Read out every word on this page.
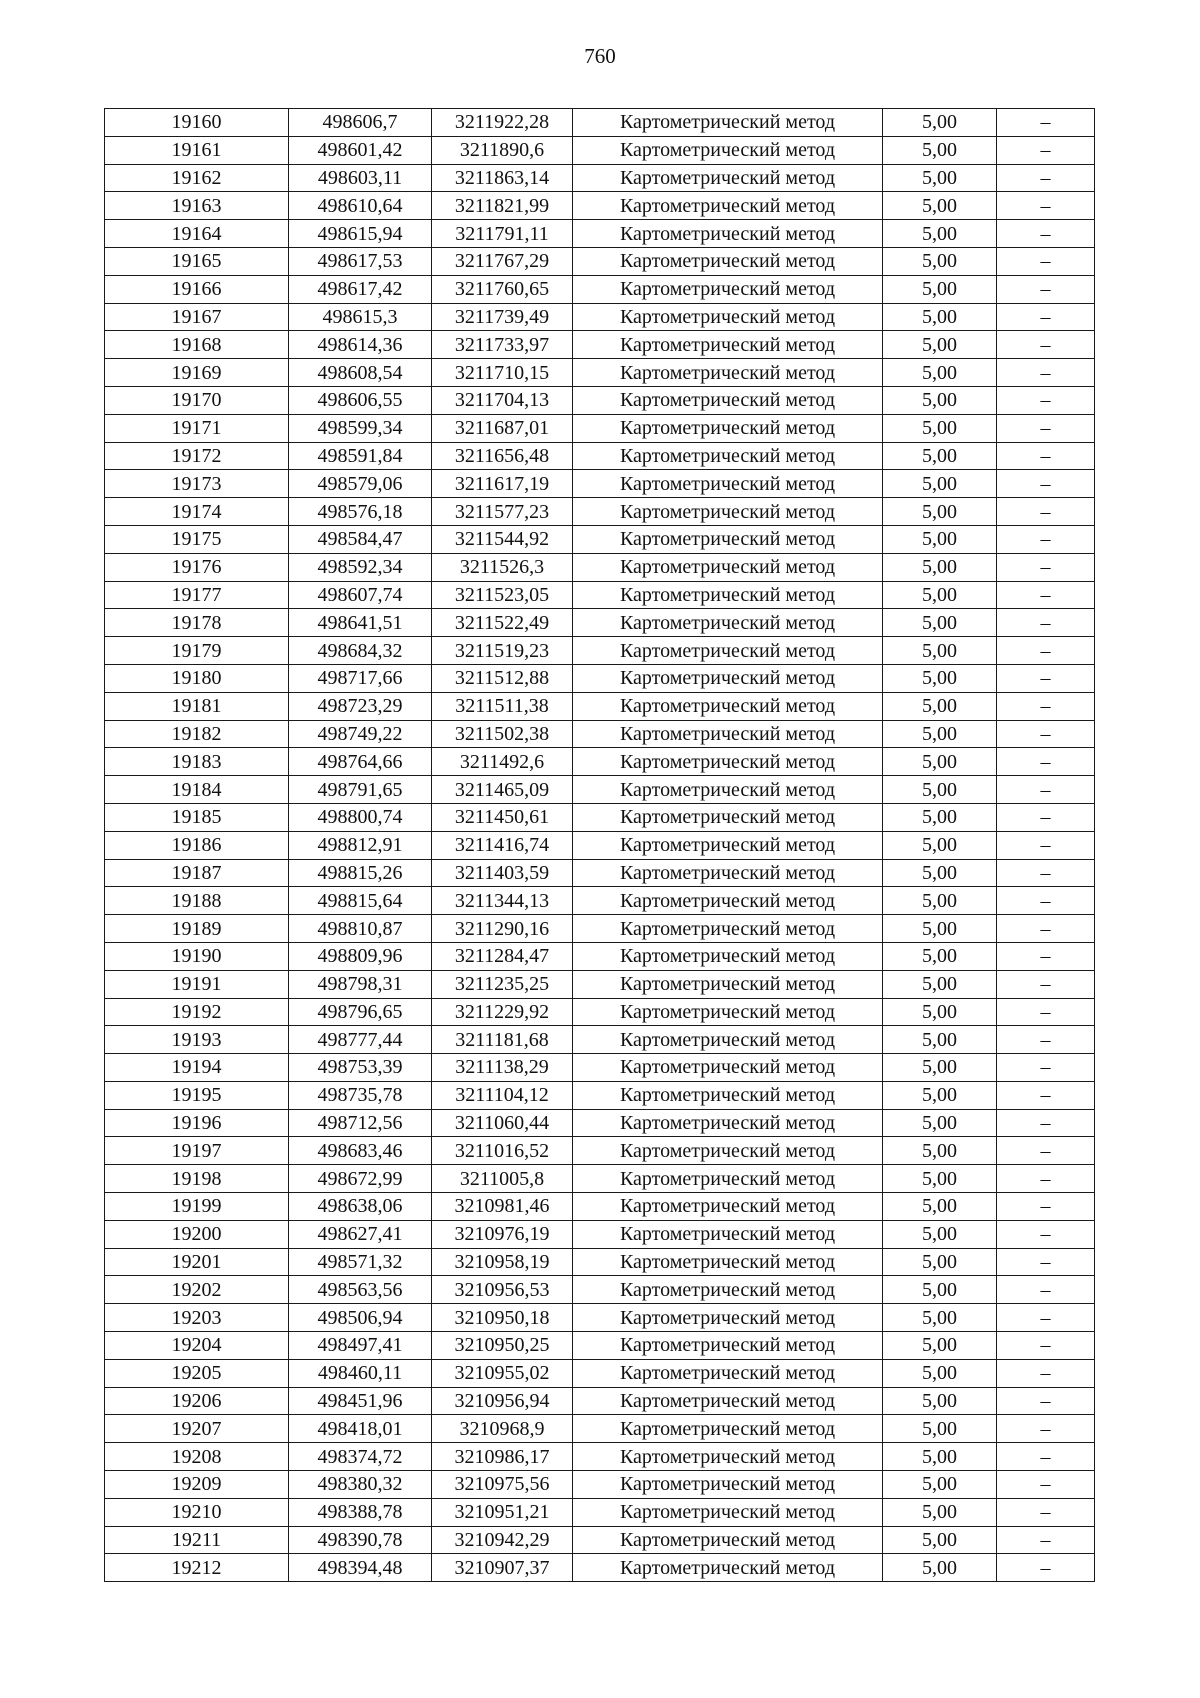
760
19160	498606,7	3211922,28	Картометрический метод	5,00	–
19161	498601,42	3211890,6	Картометрический метод	5,00	–
19162	498603,11	3211863,14	Картометрический метод	5,00	–
19163	498610,64	3211821,99	Картометрический метод	5,00	–
19164	498615,94	3211791,11	Картометрический метод	5,00	–
19165	498617,53	3211767,29	Картометрический метод	5,00	–
19166	498617,42	3211760,65	Картометрический метод	5,00	–
19167	498615,3	3211739,49	Картометрический метод	5,00	–
19168	498614,36	3211733,97	Картометрический метод	5,00	–
19169	498608,54	3211710,15	Картометрический метод	5,00	–
19170	498606,55	3211704,13	Картометрический метод	5,00	–
19171	498599,34	3211687,01	Картометрический метод	5,00	–
19172	498591,84	3211656,48	Картометрический метод	5,00	–
19173	498579,06	3211617,19	Картометрический метод	5,00	–
19174	498576,18	3211577,23	Картометрический метод	5,00	–
19175	498584,47	3211544,92	Картометрический метод	5,00	–
19176	498592,34	3211526,3	Картометрический метод	5,00	–
19177	498607,74	3211523,05	Картометрический метод	5,00	–
19178	498641,51	3211522,49	Картометрический метод	5,00	–
19179	498684,32	3211519,23	Картометрический метод	5,00	–
19180	498717,66	3211512,88	Картометрический метод	5,00	–
19181	498723,29	3211511,38	Картометрический метод	5,00	–
19182	498749,22	3211502,38	Картометрический метод	5,00	–
19183	498764,66	3211492,6	Картометрический метод	5,00	–
19184	498791,65	3211465,09	Картометрический метод	5,00	–
19185	498800,74	3211450,61	Картометрический метод	5,00	–
19186	498812,91	3211416,74	Картометрический метод	5,00	–
19187	498815,26	3211403,59	Картометрический метод	5,00	–
19188	498815,64	3211344,13	Картометрический метод	5,00	–
19189	498810,87	3211290,16	Картометрический метод	5,00	–
19190	498809,96	3211284,47	Картометрический метод	5,00	–
19191	498798,31	3211235,25	Картометрический метод	5,00	–
19192	498796,65	3211229,92	Картометрический метод	5,00	–
19193	498777,44	3211181,68	Картометрический метод	5,00	–
19194	498753,39	3211138,29	Картометрический метод	5,00	–
19195	498735,78	3211104,12	Картометрический метод	5,00	–
19196	498712,56	3211060,44	Картометрический метод	5,00	–
19197	498683,46	3211016,52	Картометрический метод	5,00	–
19198	498672,99	3211005,8	Картометрический метод	5,00	–
19199	498638,06	3210981,46	Картометрический метод	5,00	–
19200	498627,41	3210976,19	Картометрический метод	5,00	–
19201	498571,32	3210958,19	Картометрический метод	5,00	–
19202	498563,56	3210956,53	Картометрический метод	5,00	–
19203	498506,94	3210950,18	Картометрический метод	5,00	–
19204	498497,41	3210950,25	Картометрический метод	5,00	–
19205	498460,11	3210955,02	Картометрический метод	5,00	–
19206	498451,96	3210956,94	Картометрический метод	5,00	–
19207	498418,01	3210968,9	Картометрический метод	5,00	–
19208	498374,72	3210986,17	Картометрический метод	5,00	–
19209	498380,32	3210975,56	Картометрический метод	5,00	–
19210	498388,78	3210951,21	Картометрический метод	5,00	–
19211	498390,78	3210942,29	Картометрический метод	5,00	–
19212	498394,48	3210907,37	Картометрический метод	5,00	–
